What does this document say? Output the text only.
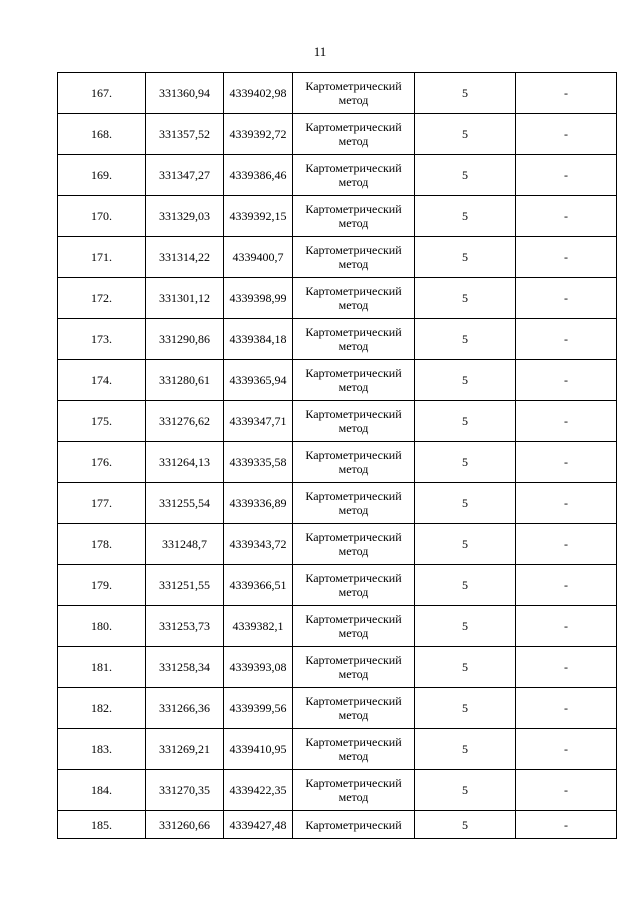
11
167.	331360,94	4339402,98	Картометрический метод	5	-
168.	331357,52	4339392,72	Картометрический метод	5	-
169.	331347,27	4339386,46	Картометрический метод	5	-
170.	331329,03	4339392,15	Картометрический метод	5	-
171.	331314,22	4339400,7	Картометрический метод	5	-
172.	331301,12	4339398,99	Картометрический метод	5	-
173.	331290,86	4339384,18	Картометрический метод	5	-
174.	331280,61	4339365,94	Картометрический метод	5	-
175.	331276,62	4339347,71	Картометрический метод	5	-
176.	331264,13	4339335,58	Картометрический метод	5	-
177.	331255,54	4339336,89	Картометрический метод	5	-
178.	331248,7	4339343,72	Картометрический метод	5	-
179.	331251,55	4339366,51	Картометрический метод	5	-
180.	331253,73	4339382,1	Картометрический метод	5	-
181.	331258,34	4339393,08	Картометрический метод	5	-
182.	331266,36	4339399,56	Картометрический метод	5	-
183.	331269,21	4339410,95	Картометрический метод	5	-
184.	331270,35	4339422,35	Картометрический метод	5	-
185.	331260,66	4339427,48	Картометрический	5	-
